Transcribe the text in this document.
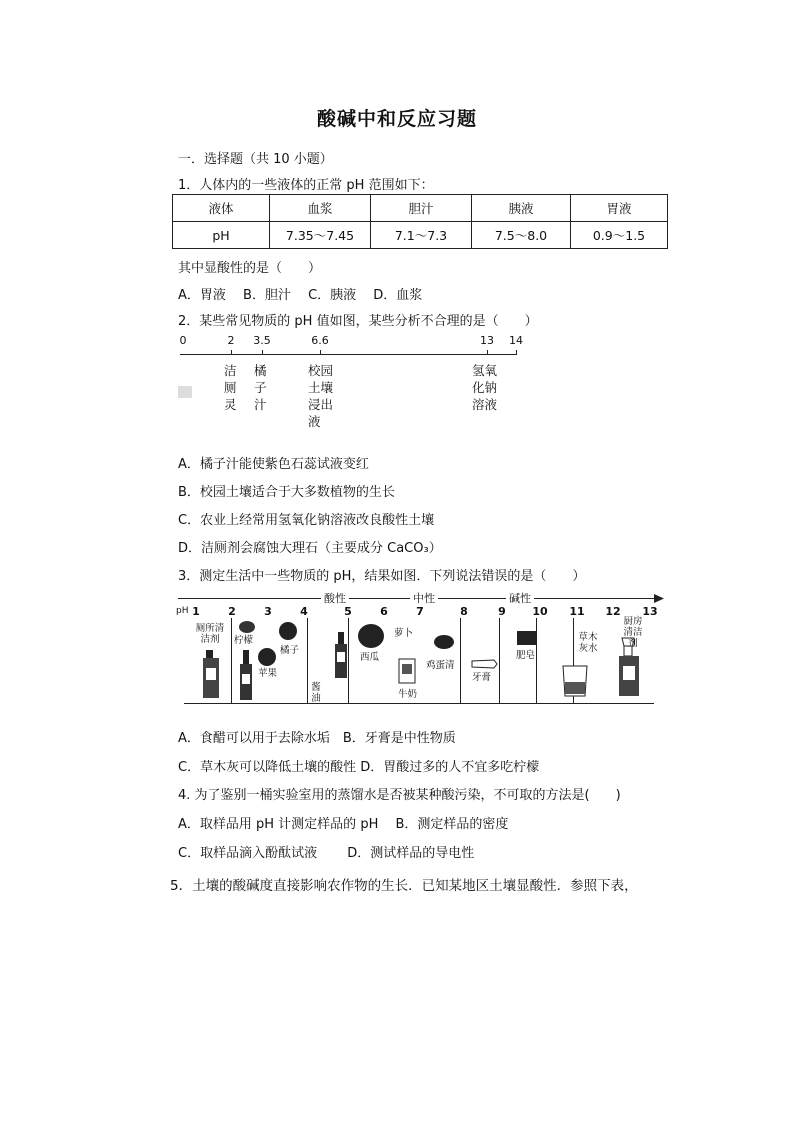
酸碱中和反应习题
一．选择题（共 10 小题）
1．人体内的一些液体的正常 pH 范围如下：
液体	血浆	胆汁	胰液	胃液
pH	7.35～7.45	7.1～7.3	7.5～8.0	0.9～1.5
其中显酸性的是（　　）
A．胃液　 B．胆汁　 C．胰液　 D．血浆
2．某些常见物质的 pH 值如图，某些分析不合理的是（　　）
0	2 3.5	6.6	13 14
洁厕灵
橘子汁
校园土壤浸出液
氢氧化钠溶液
A．橘子汁能使紫色石蕊试液变红
B．校园土壤适合于大多数植物的生长
C．农业上经常用氢氧化钠溶液改良酸性土壤
D．洁厕剂会腐蚀大理石（主要成分 CaCO₃）
3．测定生活中一些物质的 pH，结果如图．下列说法错误的是（　　）
酸性	中性	碱性
pH 1	2	3	4	5	6	7	8	9 10 11 12 13
厕所清洁剂	柠檬
苹果
橘子
酱油
西瓜
萝卜
牛奶
鸡蛋清
牙膏
肥皂
草木灰水
厨房清洁剂
A．食醋可以用于去除水垢　B．牙膏是中性物质
C．草木灰可以降低土壤的酸性 D．胃酸过多的人不宜多吃柠檬
4. 为了鉴别一桶实验室用的蒸馏水是否被某种酸污染，不可取的方法是(　　)
A．取样品用 pH 计测定样品的 pH　 B．测定样品的密度
C．取样品滴入酚酞试液　　 D．测试样品的导电性
5．土壤的酸碱度直接影响农作物的生长．已知某地区土壤显酸性．参照下表，
